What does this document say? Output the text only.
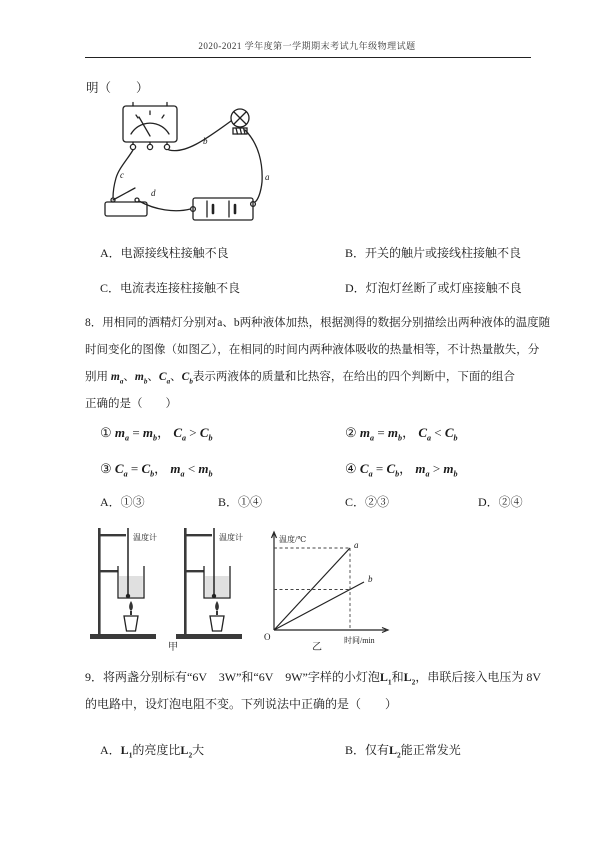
2020-2021 学年度第一学期期末考试九年级物理试题
明（　　）
b
a
c
d
A．电源接线柱接触不良	B．开关的触片或接线柱接触不良
C．电流表连接柱接触不良	D．灯泡灯丝断了或灯座接触不良
8．用相同的酒精灯分别对a、b两种液体加热，根据测得的数据分别描绘出两种液体的温度随
时间变化的图像（如图乙），在相同的时间内两种液体吸收的热量相等，不计热量散失，分
别用 $m_a$、$m_b$、$C_a$、$C_b$表示两液体的质量和比热容，在给出的四个判断中，下面的组合
正确的是（　　）
① $m_a = m_b$， $C_a > C_b$	② $m_a = m_b$， $C_a < C_b$
③ $C_a = C_b$， $m_a < m_b$	④ $C_a = C_b$， $m_a > m_b$
A．①③	B．①④	C．②③	D．②④
温度计	温度计
甲
温度/℃
时间/min
O
a
b
乙
9．将两盏分别标有“6V　3W”和“6V　9W”字样的小灯泡$L_1$和$L_2$，串联后接入电压为 8V
的电路中，设灯泡电阻不变。下列说法中正确的是（　　）
A．$L_1$的亮度比$L_2$大	B．仅有$L_2$能正常发光
